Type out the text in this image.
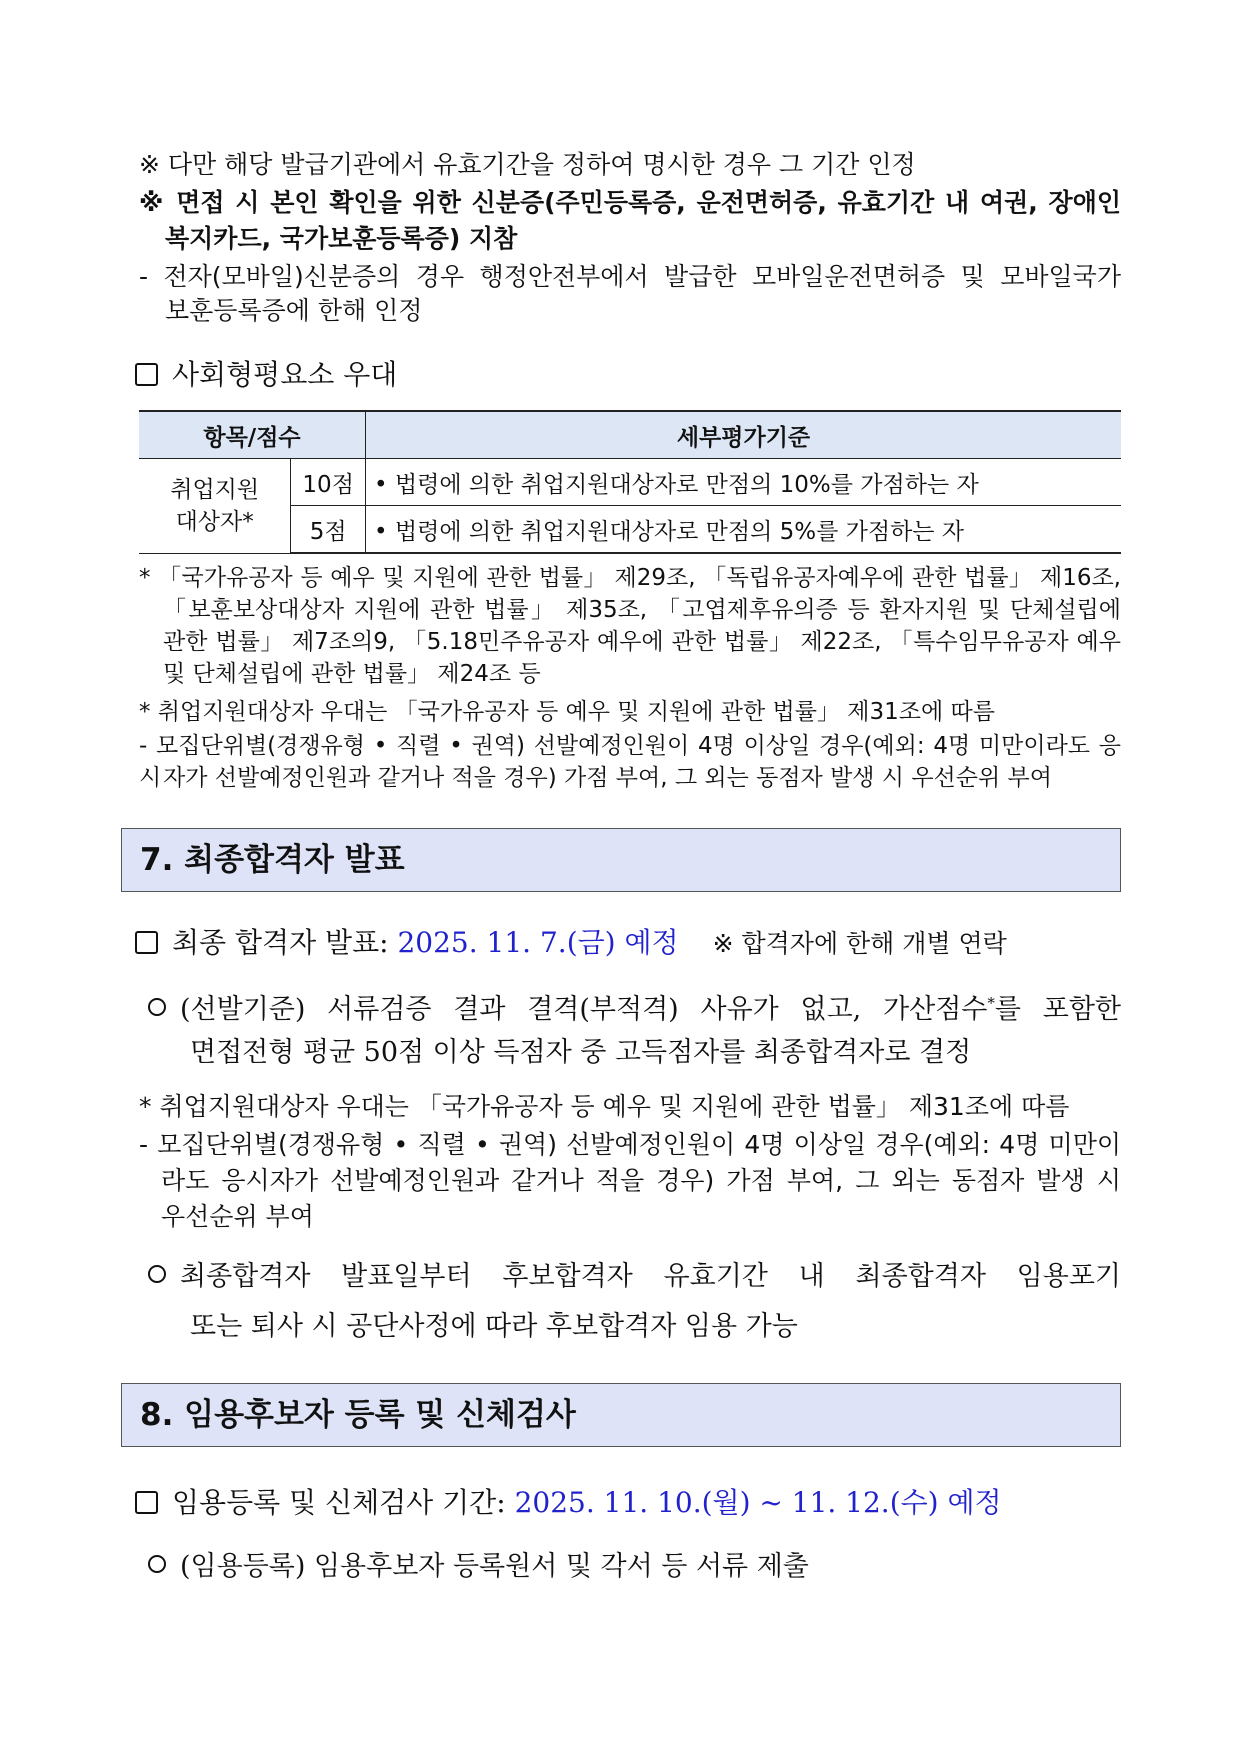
※ 다만 해당 발급기관에서 유효기간을 정하여 명시한 경우 그 기간 인정
※ 면접 시 본인 확인을 위한 신분증(주민등록증, 운전면허증, 유효기간 내 여권, 장애인
복지카드, 국가보훈등록증) 지참
- 전자(모바일)신분증의 경우 행정안전부에서 발급한 모바일운전면허증 및 모바일국가
보훈등록증에 한해 인정
사회형평요소 우대
항목/점수		세부평가기준
취업지원
대상자*	10점	• 법령에 의한 취업지원대상자로 만점의 10%를 가점하는 자
	5점	• 법령에 의한 취업지원대상자로 만점의 5%를 가점하는 자
* 「국가유공자 등 예우 및 지원에 관한 법률」 제29조, 「독립유공자예우에 관한 법률」 제16조,
「보훈보상대상자 지원에 관한 법률」 제35조, 「고엽제후유의증 등 환자지원 및 단체설립에
관한 법률」 제7조의9, 「5.18민주유공자 예우에 관한 법률」 제22조, 「특수임무유공자 예우
및 단체설립에 관한 법률」 제24조 등
* 취업지원대상자 우대는 「국가유공자 등 예우 및 지원에 관한 법률」 제31조에 따름
- 모집단위별(경쟁유형 • 직렬 • 권역) 선발예정인원이 4명 이상일 경우(예외: 4명 미만이라도 응시 자가 선발예정인원과 같거나 적을 경우) 가점 부여, 그 외는 동점자 발생 시 우선순위 부여
7. 최종합격자 발표
최종 합격자 발표: 2025. 11. 7.(금) 예정 ※ 합격자에 한해 개별 연락
(선발기준) 서류검증 결과 결격(부적격) 사유가 없고, 가산점수*를 포함한
면접전형 평균 50점 이상 득점자 중 고득점자를 최종합격자로 결정
* 취업지원대상자 우대는 「국가유공자 등 예우 및 지원에 관한 법률」 제31조에 따름
- 모집단위별(경쟁유형 • 직렬 • 권역) 선발예정인원이 4명 이상일 경우(예외: 4명 미만이
라도 응시자가 선발예정인원과 같거나 적을 경우) 가점 부여, 그 외는 동점자 발생 시
우선순위 부여
최종합격자 발표일부터 후보합격자 유효기간 내 최종합격자 임용포기
또는 퇴사 시 공단사정에 따라 후보합격자 임용 가능
8. 임용후보자 등록 및 신체검사
임용등록 및 신체검사 기간: 2025. 11. 10.(월) ~ 11. 12.(수) 예정
(임용등록) 임용후보자 등록원서 및 각서 등 서류 제출
